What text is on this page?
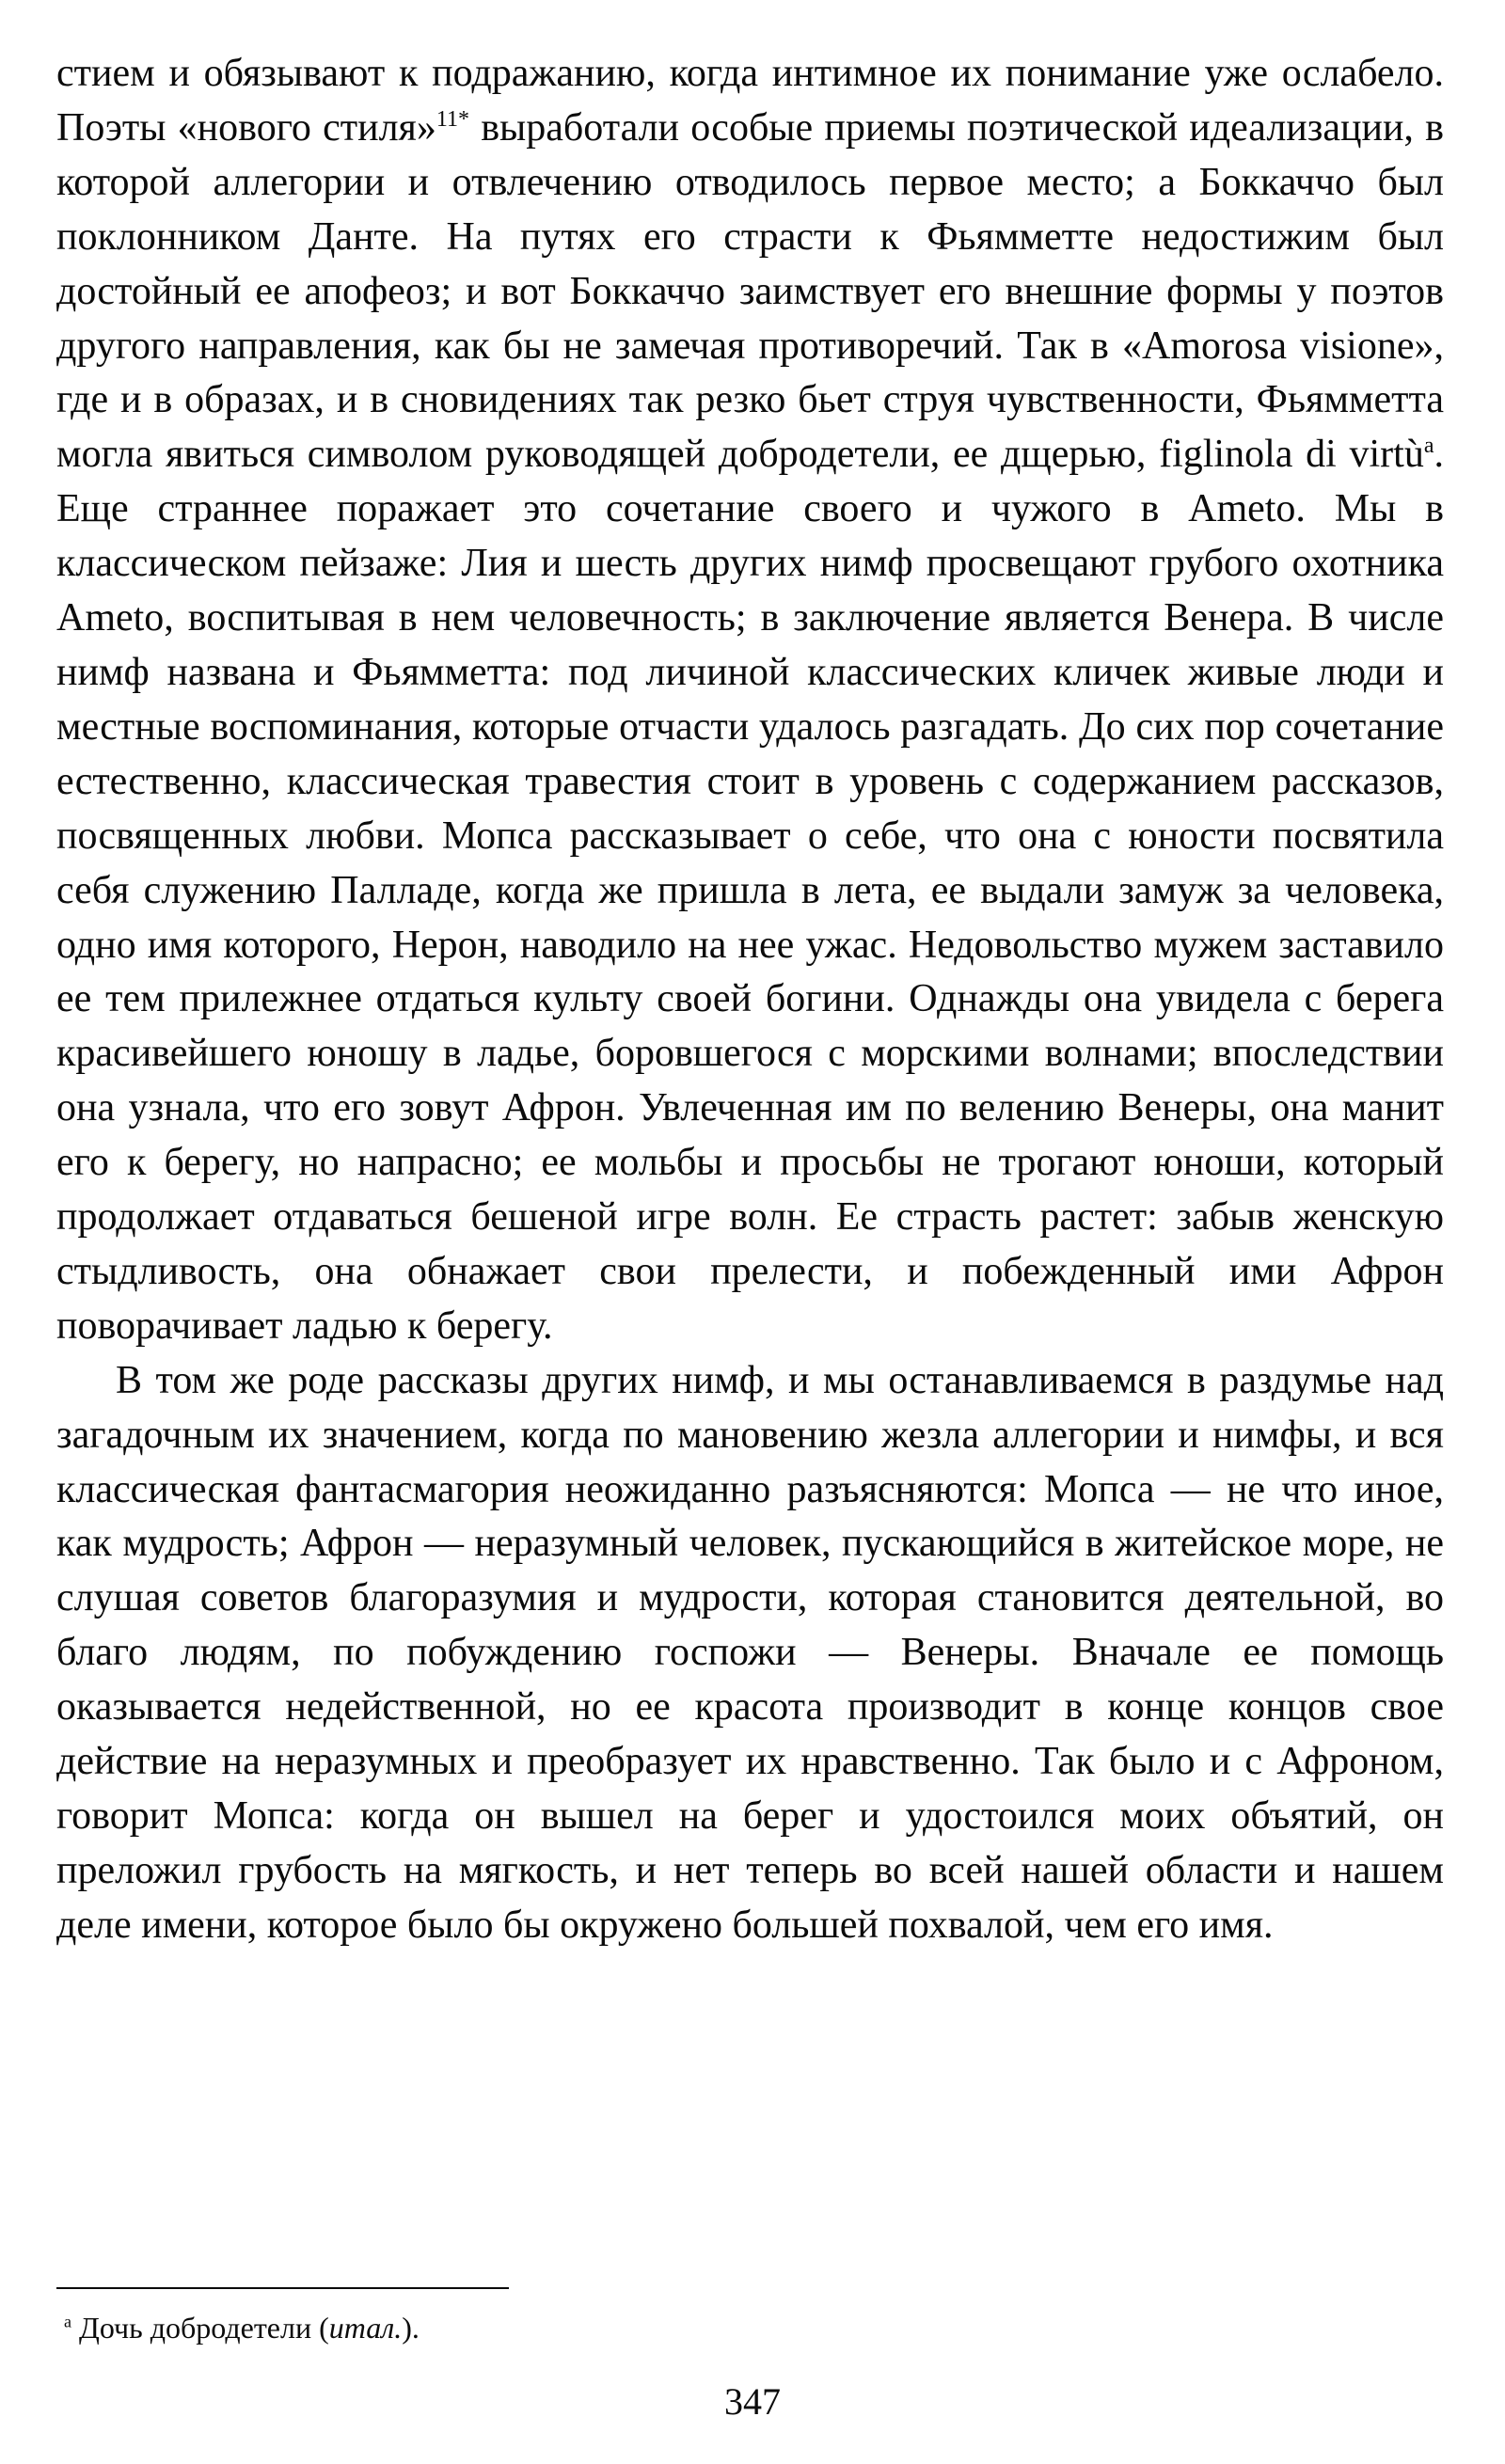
стием и обязывают к подражанию, когда интимное их понимание уже ослабело. Поэты «нового стиля»$^{11*}$ выработали особые приемы поэтической идеализации, в которой аллегории и отвлечению отводилось первое место; а Боккаччо был поклонником Данте. На путях его страсти к Фьямметте недостижим был достойный ее апофеоз; и вот Боккаччо заимствует его внешние формы у поэтов другого направления, как бы не замечая противоречий. Так в «Amorosa visione», где и в образах, и в сновидениях так резко бьет струя чувственности, Фьямметта могла явиться символом руководящей добродетели, ее дщерью, figlinola di virtù$^a$. Еще страннее поражает это сочетание своего и чужого в Ameto. Мы в классическом пейзаже: Лия и шесть других нимф просвещают грубого охотника Ameto, воспитывая в нем человечность; в заключение является Венера. В числе нимф названа и Фьямметта: под личиной классических кличек живые люди и местные воспоминания, которые отчасти удалось разгадать. До сих пор сочетание естественно, классическая травестия стоит в уровень с содержанием рассказов, посвященных любви. Мопса рассказывает о себе, что она с юности посвятила себя служению Палладе, когда же пришла в лета, ее выдали замуж за человека, одно имя которого, Нерон, наводило на нее ужас. Недовольство мужем заставило ее тем прилежнее отдаться культу своей богини. Однажды она увидела с берега красивейшего юношу в ладье, боровшегося с морскими волнами; впоследствии она узнала, что его зовут Афрон. Увлеченная им по велению Венеры, она манит его к берегу, но напрасно; ее мольбы и просьбы не трогают юноши, который продолжает отдаваться бешеной игре волн. Ее страсть растет: забыв женскую стыдливость, она обнажает свои прелести, и побежденный ими Афрон поворачивает ладью к берегу.

В том же роде рассказы других нимф, и мы останавливаемся в раздумье над загадочным их значением, когда по мановению жезла аллегории и нимфы, и вся классическая фантасмагория неожиданно разъясняются: Мопса — не что иное, как мудрость; Афрон — неразумный человек, пускающийся в житейское море, не слушая советов благоразумия и мудрости, которая становится деятельной, во благо людям, по побуждению госпожи — Венеры. Вначале ее помощь оказывается недейственной, но ее красота производит в конце концов свое действие на неразумных и преобразует их нравственно. Так было и с Афроном, говорит Мопса: когда он вышел на берег и удостоился моих объятий, он преложил грубость на мягкость, и нет теперь во всей нашей области и нашем деле имени, которое было бы окружено большей похвалой, чем его имя.

$^a$ Дочь добродетели (итал.).
347
